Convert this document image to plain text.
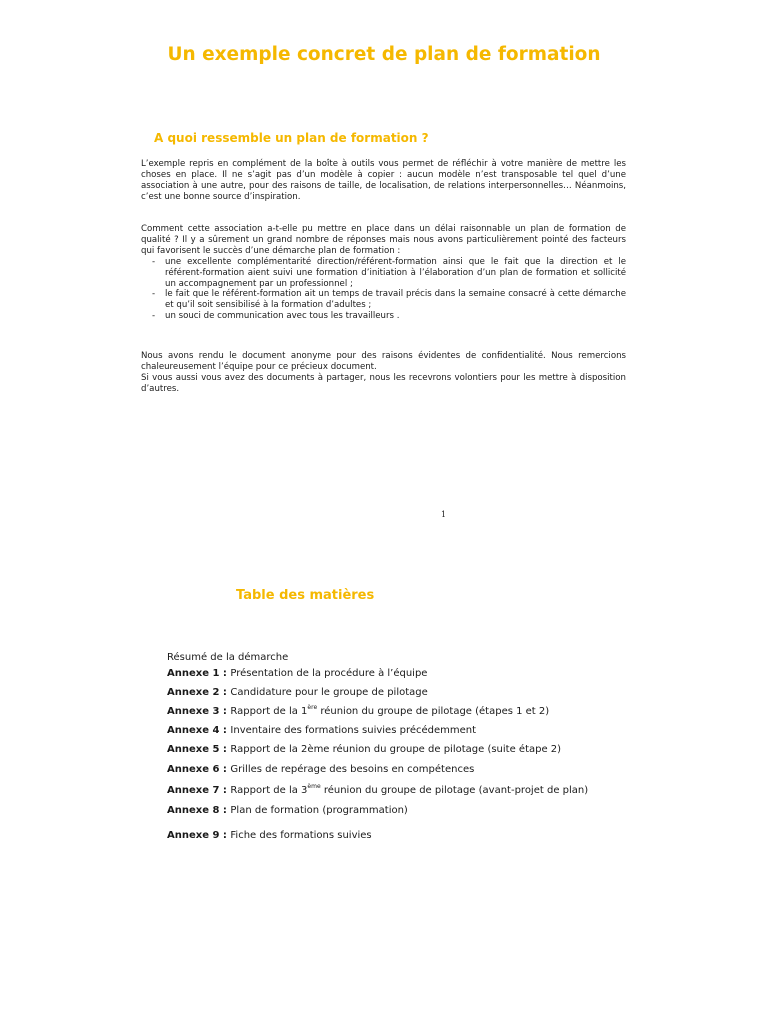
Un exemple concret de plan de formation
A quoi ressemble un plan de formation ?

L’exemple repris en complément de la boîte à outils vous permet de réfléchir à votre manière de mettre les choses en place. Il ne s’agit pas d’un modèle à copier : aucun modèle n’est transposable tel quel d’une association à une autre, pour des raisons de taille, de localisation, de relations interpersonnelles… Néanmoins, c’est une bonne source d’inspiration.

Comment cette association a-t-elle pu mettre en place dans un délai raisonnable un plan de formation de qualité ? Il y a sûrement un grand nombre de réponses mais nous avons particulièrement pointé des facteurs qui favorisent le succès d’une démarche plan de formation :

- une excellente complémentarité direction/référent-formation ainsi que le fait que la direction et le référent-formation aient suivi une formation d’initiation à l’élaboration d’un plan de formation et sollicité un accompagnement par un professionnel ;
- le fait que le référent-formation ait un temps de travail précis dans la semaine consacré à cette démarche et qu’il soit sensibilisé à la formation d’adultes ;
- un souci de communication avec tous les travailleurs .

Nous avons rendu le document anonyme pour des raisons évidentes de confidentialité. Nous remercions chaleureusement l’équipe pour ce précieux document.

Si vous aussi vous avez des documents à partager, nous les recevrons volontiers pour les mettre à disposition d’autres.

1
Table des matières
Résumé de la démarche
Annexe 1 : Présentation de la procédure à l’équipe
Annexe 2 : Candidature pour le groupe de pilotage
Annexe 3 : Rapport de la 1ère réunion du groupe de pilotage (étapes 1 et 2)
Annexe 4 : Inventaire des formations suivies précédemment
Annexe 5 : Rapport de la 2ème réunion du groupe de pilotage (suite étape 2)
Annexe 6 : Grilles de repérage des besoins en compétences
Annexe 7 : Rapport de la 3ème réunion du groupe de pilotage (avant-projet de plan)
Annexe 8 : Plan de formation (programmation)
Annexe 9 : Fiche des formations suivies
